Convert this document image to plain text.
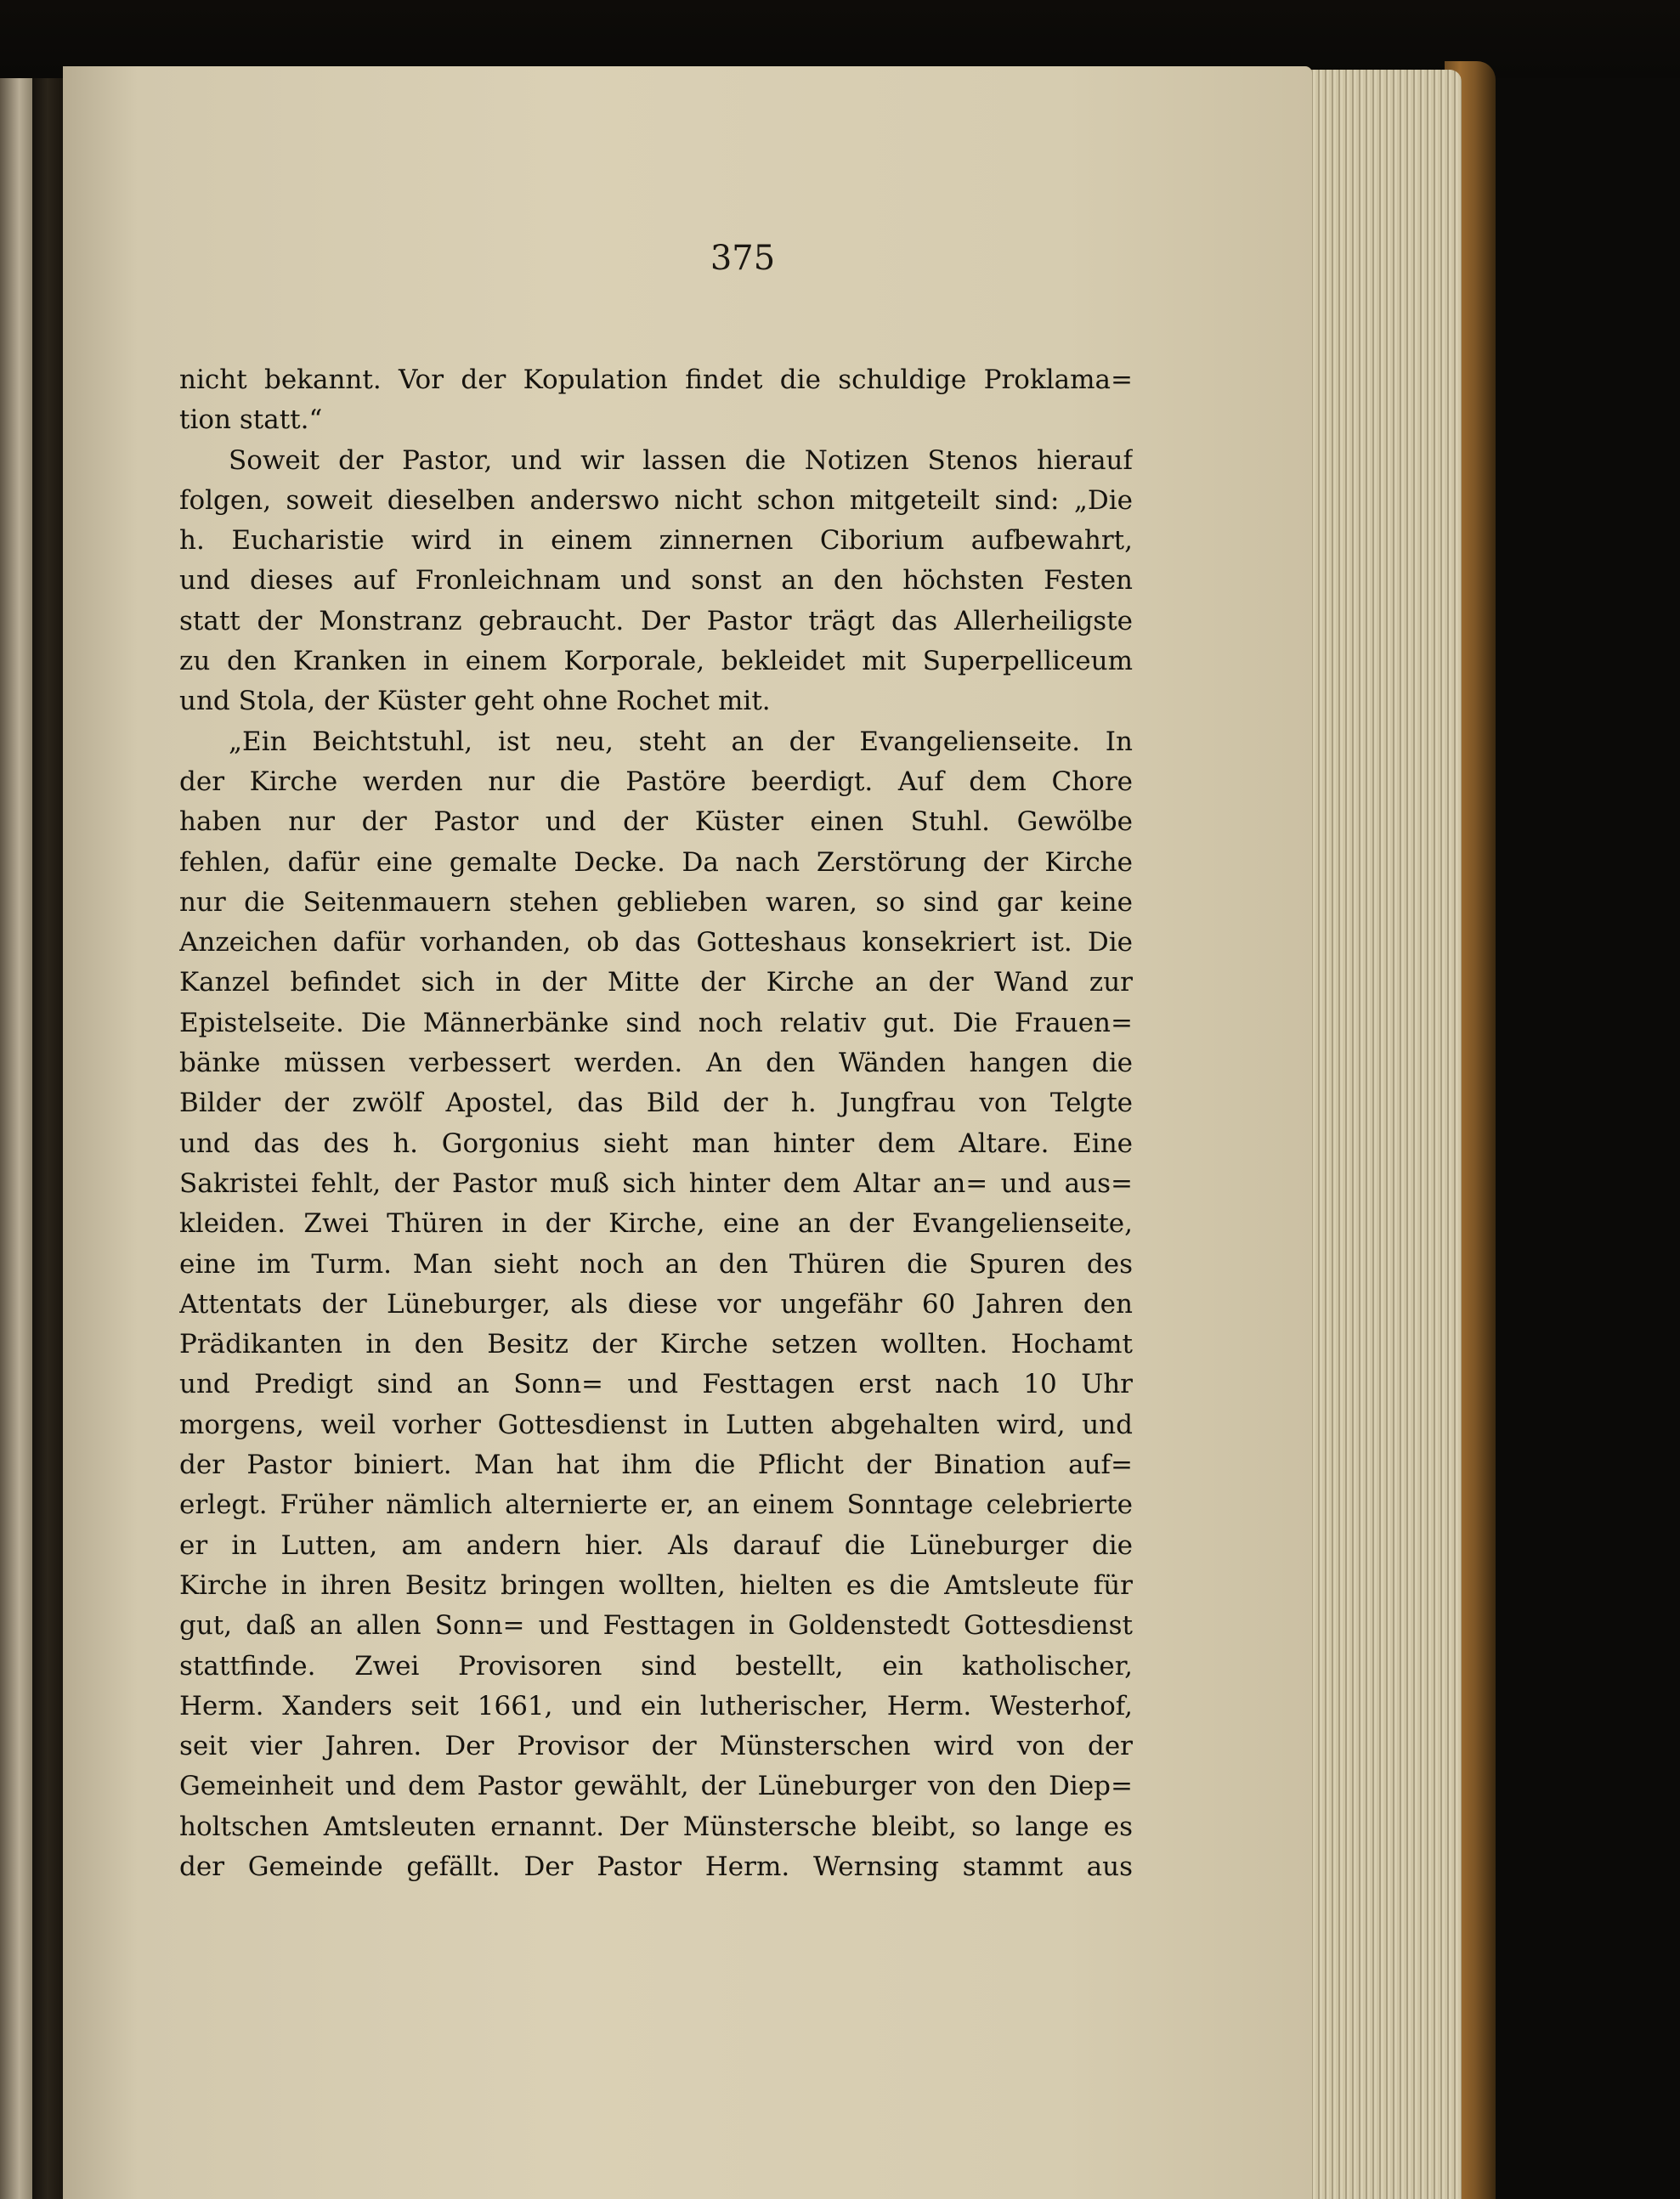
375
nicht bekannt. Vor der Kopulation findet die schuldige Proklama=
tion statt.“
Soweit der Pastor, und wir lassen die Notizen Stenos hierauf
folgen, soweit dieselben anderswo nicht schon mitgeteilt sind: „Die
h. Eucharistie wird in einem zinnernen Ciborium aufbewahrt,
und dieses auf Fronleichnam und sonst an den höchsten Festen
statt der Monstranz gebraucht. Der Pastor trägt das Allerheiligste
zu den Kranken in einem Korporale, bekleidet mit Superpelliceum
und Stola, der Küster geht ohne Rochet mit.
„Ein Beichtstuhl, ist neu, steht an der Evangelienseite. In
der Kirche werden nur die Pastöre beerdigt. Auf dem Chore
haben nur der Pastor und der Küster einen Stuhl. Gewölbe
fehlen, dafür eine gemalte Decke. Da nach Zerstörung der Kirche
nur die Seitenmauern stehen geblieben waren, so sind gar keine
Anzeichen dafür vorhanden, ob das Gotteshaus konsekriert ist. Die
Kanzel befindet sich in der Mitte der Kirche an der Wand zur
Epistelseite. Die Männerbänke sind noch relativ gut. Die Frauen=
bänke müssen verbessert werden. An den Wänden hangen die
Bilder der zwölf Apostel, das Bild der h. Jungfrau von Telgte
und das des h. Gorgonius sieht man hinter dem Altare. Eine
Sakristei fehlt, der Pastor muß sich hinter dem Altar an= und aus=
kleiden. Zwei Thüren in der Kirche, eine an der Evangelienseite,
eine im Turm. Man sieht noch an den Thüren die Spuren des
Attentats der Lüneburger, als diese vor ungefähr 60 Jahren den
Prädikanten in den Besitz der Kirche setzen wollten. Hochamt
und Predigt sind an Sonn= und Festtagen erst nach 10 Uhr
morgens, weil vorher Gottesdienst in Lutten abgehalten wird, und
der Pastor biniert. Man hat ihm die Pflicht der Bination auf=
erlegt. Früher nämlich alternierte er, an einem Sonntage celebrierte
er in Lutten, am andern hier. Als darauf die Lüneburger die
Kirche in ihren Besitz bringen wollten, hielten es die Amtsleute für
gut, daß an allen Sonn= und Festtagen in Goldenstedt Gottesdienst
stattfinde. Zwei Provisoren sind bestellt, ein katholischer,
Herm. Xanders seit 1661, und ein lutherischer, Herm. Westerhof,
seit vier Jahren. Der Provisor der Münsterschen wird von der
Gemeinheit und dem Pastor gewählt, der Lüneburger von den Diep=
holtschen Amtsleuten ernannt. Der Münstersche bleibt, so lange es
der Gemeinde gefällt. Der Pastor Herm. Wernsing stammt aus
